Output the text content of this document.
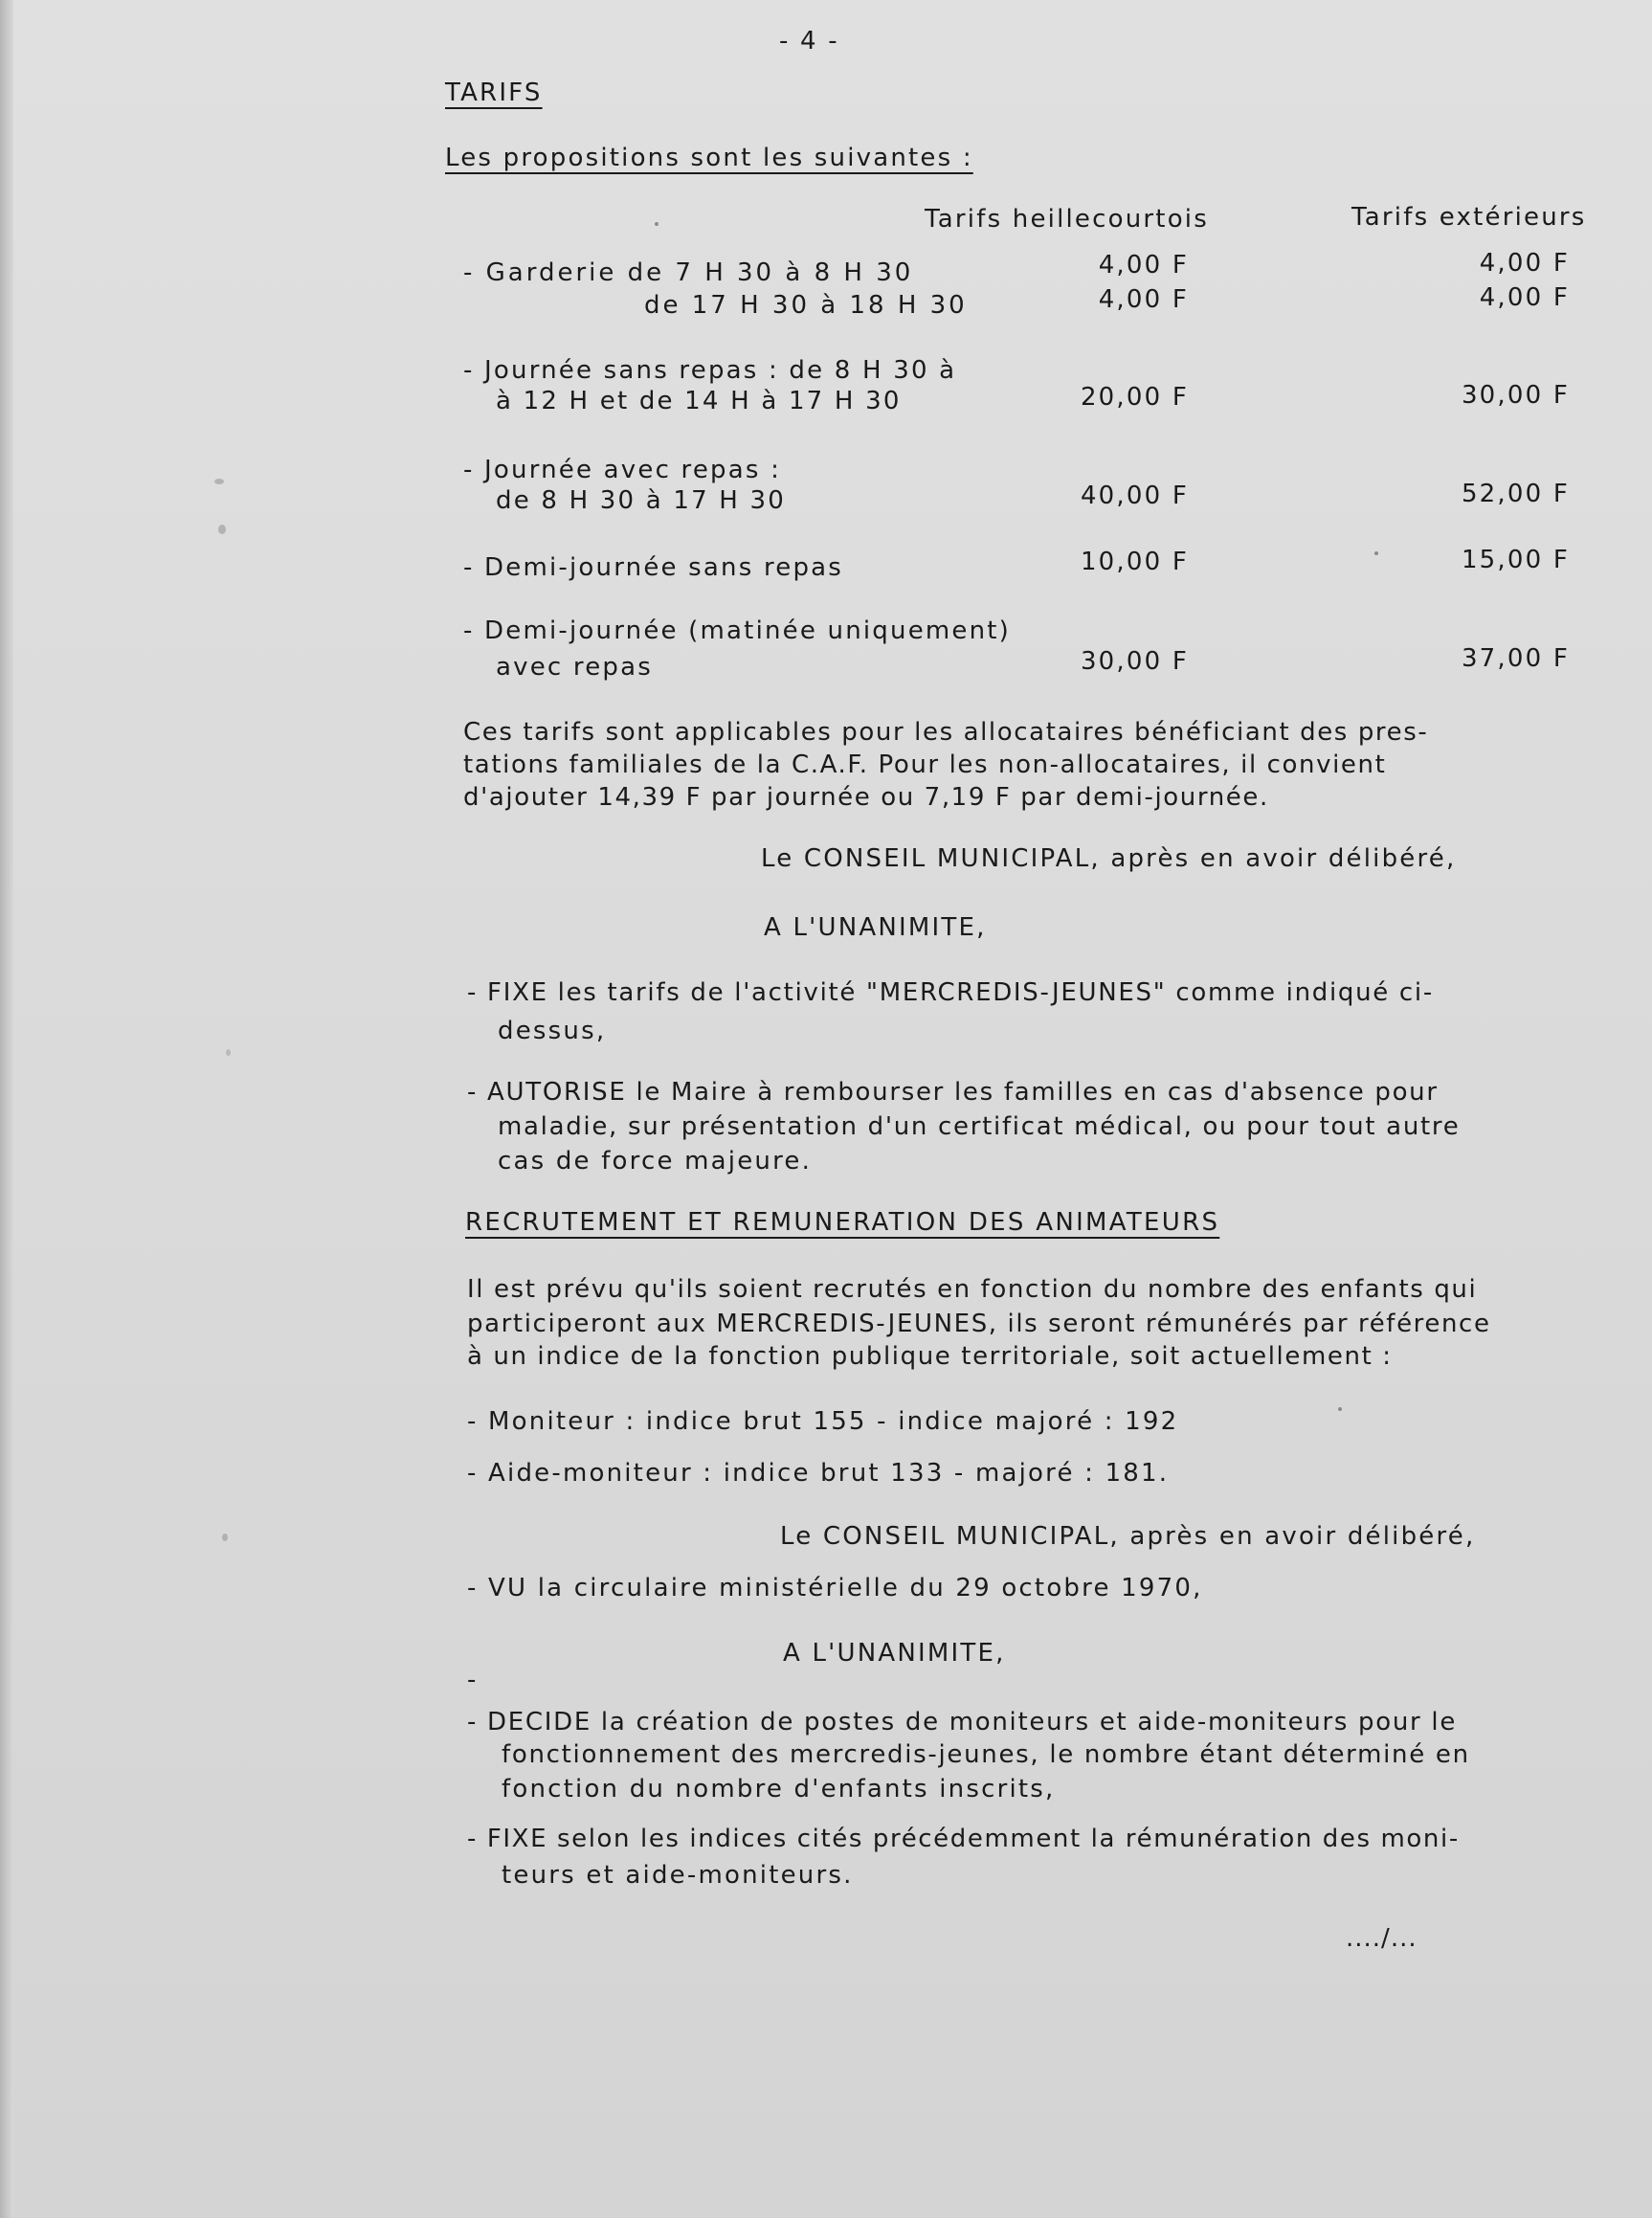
- 4 -
TARIFS
Les propositions sont les suivantes :
Tarifs heillecourtois	Tarifs extérieurs
- Garderie de 7 H 30 à 8 H 30	4,00 F	4,00 F
de 17 H 30 à 18 H 30	4,00 F	4,00 F
- Journée sans repas : de 8 H 30 à
à 12 H et de 14 H à 17 H 30	20,00 F	30,00 F
- Journée avec repas :
de 8 H 30 à 17 H 30	40,00 F	52,00 F
- Demi-journée sans repas	10,00 F	15,00 F
- Demi-journée (matinée uniquement)
avec repas	30,00 F	37,00 F
Ces tarifs sont applicables pour les allocataires bénéficiant des pres-
tations familiales de la C.A.F. Pour les non-allocataires, il convient
d'ajouter 14,39 F par journée ou 7,19 F par demi-journée.
Le CONSEIL MUNICIPAL, après en avoir délibéré,
A L'UNANIMITE,
- FIXE les tarifs de l'activité "MERCREDIS-JEUNES" comme indiqué ci-
dessus,
- AUTORISE le Maire à rembourser les familles en cas d'absence pour
maladie, sur présentation d'un certificat médical, ou pour tout autre
cas de force majeure.
RECRUTEMENT ET REMUNERATION DES ANIMATEURS
Il est prévu qu'ils soient recrutés en fonction du nombre des enfants qui
participeront aux MERCREDIS-JEUNES, ils seront rémunérés par référence
à un indice de la fonction publique territoriale, soit actuellement :
- Moniteur : indice brut 155 - indice majoré : 192
- Aide-moniteur : indice brut 133 - majoré : 181.
Le CONSEIL MUNICIPAL, après en avoir délibéré,
- VU la circulaire ministérielle du 29 octobre 1970,
A L'UNANIMITE,
-
- DECIDE la création de postes de moniteurs et aide-moniteurs pour le
fonctionnement des mercredis-jeunes, le nombre étant déterminé en
fonction du nombre d'enfants inscrits,
- FIXE selon les indices cités précédemment la rémunération des moni-
teurs et aide-moniteurs.
..../...
